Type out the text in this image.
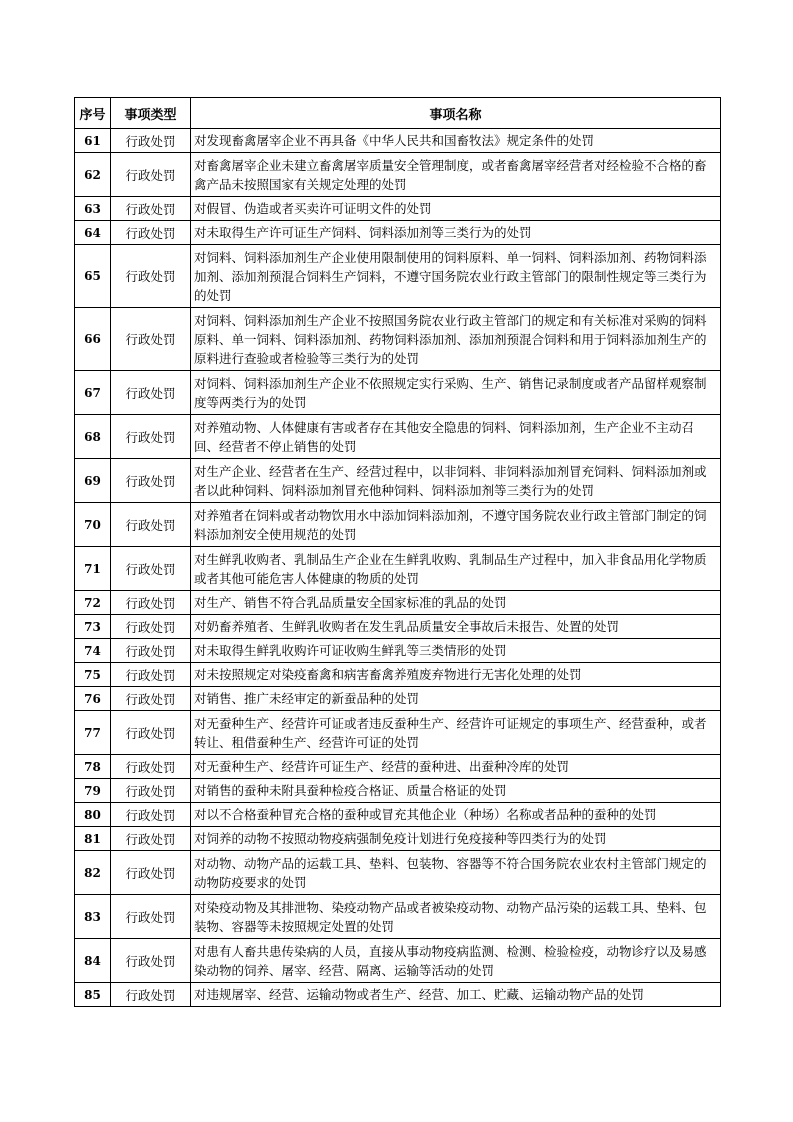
序号	事项类型	事项名称
61	行政处罚	对发现畜禽屠宰企业不再具备《中华人民共和国畜牧法》规定条件的处罚
62	行政处罚	对畜禽屠宰企业未建立畜禽屠宰质量安全管理制度，或者畜禽屠宰经营者对经检验不合格的畜禽产品未按照国家有关规定处理的处罚
63	行政处罚	对假冒、伪造或者买卖许可证明文件的处罚
64	行政处罚	对未取得生产许可证生产饲料、饲料添加剂等三类行为的处罚
65	行政处罚	对饲料、饲料添加剂生产企业使用限制使用的饲料原料、单一饲料、饲料添加剂、药物饲料添加剂、添加剂预混合饲料生产饲料，不遵守国务院农业行政主管部门的限制性规定等三类行为的处罚
66	行政处罚	对饲料、饲料添加剂生产企业不按照国务院农业行政主管部门的规定和有关标准对采购的饲料原料、单一饲料、饲料添加剂、药物饲料添加剂、添加剂预混合饲料和用于饲料添加剂生产的原料进行查验或者检验等三类行为的处罚
67	行政处罚	对饲料、饲料添加剂生产企业不依照规定实行采购、生产、销售记录制度或者产品留样观察制度等两类行为的处罚
68	行政处罚	对养殖动物、人体健康有害或者存在其他安全隐患的饲料、饲料添加剂，生产企业不主动召回、经营者不停止销售的处罚
69	行政处罚	对生产企业、经营者在生产、经营过程中，以非饲料、非饲料添加剂冒充饲料、饲料添加剂或者以此种饲料、饲料添加剂冒充他种饲料、饲料添加剂等三类行为的处罚
70	行政处罚	对养殖者在饲料或者动物饮用水中添加饲料添加剂，不遵守国务院农业行政主管部门制定的饲料添加剂安全使用规范的处罚
71	行政处罚	对生鲜乳收购者、乳制品生产企业在生鲜乳收购、乳制品生产过程中，加入非食品用化学物质或者其他可能危害人体健康的物质的处罚
72	行政处罚	对生产、销售不符合乳品质量安全国家标准的乳品的处罚
73	行政处罚	对奶畜养殖者、生鲜乳收购者在发生乳品质量安全事故后未报告、处置的处罚
74	行政处罚	对未取得生鲜乳收购许可证收购生鲜乳等三类情形的处罚
75	行政处罚	对未按照规定对染疫畜禽和病害畜禽养殖废弃物进行无害化处理的处罚
76	行政处罚	对销售、推广未经审定的新蚕品种的处罚
77	行政处罚	对无蚕种生产、经营许可证或者违反蚕种生产、经营许可证规定的事项生产、经营蚕种，或者转让、租借蚕种生产、经营许可证的处罚
78	行政处罚	对无蚕种生产、经营许可证生产、经营的蚕种进、出蚕种冷库的处罚
79	行政处罚	对销售的蚕种未附具蚕种检疫合格证、质量合格证的处罚
80	行政处罚	对以不合格蚕种冒充合格的蚕种或冒充其他企业（种场）名称或者品种的蚕种的处罚
81	行政处罚	对饲养的动物不按照动物疫病强制免疫计划进行免疫接种等四类行为的处罚
82	行政处罚	对动物、动物产品的运载工具、垫料、包装物、容器等不符合国务院农业农村主管部门规定的动物防疫要求的处罚
83	行政处罚	对染疫动物及其排泄物、染疫动物产品或者被染疫动物、动物产品污染的运载工具、垫料、包装物、容器等未按照规定处置的处罚
84	行政处罚	对患有人畜共患传染病的人员，直接从事动物疫病监测、检测、检验检疫，动物诊疗以及易感染动物的饲养、屠宰、经营、隔离、运输等活动的处罚
85	行政处罚	对违规屠宰、经营、运输动物或者生产、经营、加工、贮藏、运输动物产品的处罚
